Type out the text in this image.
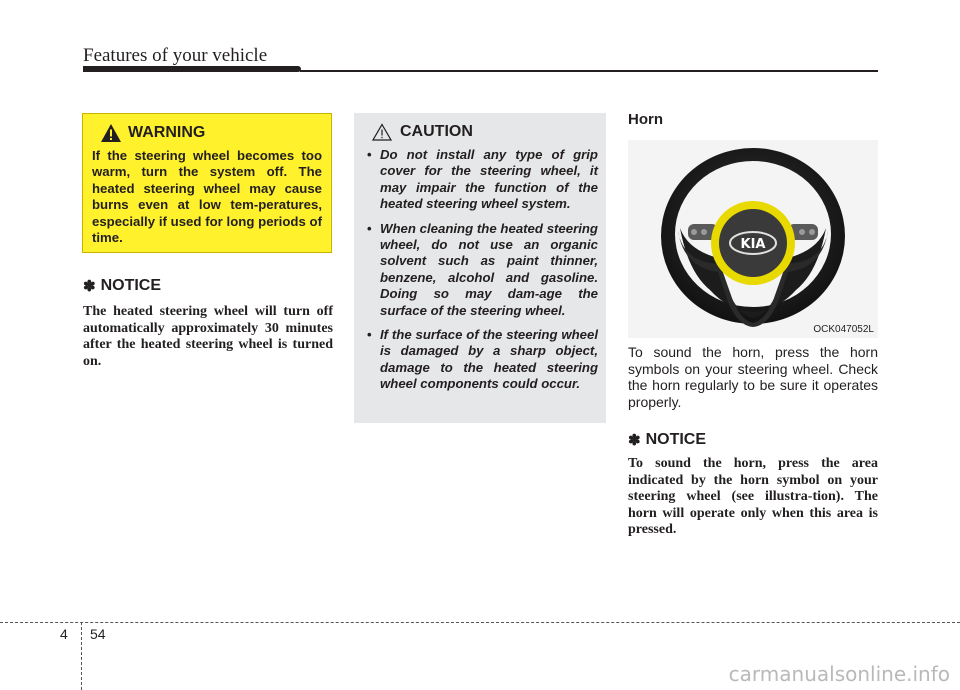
Features of your vehicle
WARNING
If the steering wheel becomes too warm, turn the system off. The heated steering wheel may cause burns even at low tem-peratures, especially if used for long periods of time.
✽ NOTICE
The heated steering wheel will turn off automatically approximately 30 minutes after the heated steering wheel is turned on.
CAUTION
• Do not install any type of grip cover for the steering wheel, it may impair the function of the heated steering wheel system.
• When cleaning the heated steering wheel, do not use an organic solvent such as paint thinner, benzene, alcohol and gasoline. Doing so may dam-age the surface of the steering wheel.
• If the surface of the steering wheel is damaged by a sharp object, damage to the heated steering wheel components could occur.
Horn
KIA
OCK047052L
To sound the horn, press the horn symbols on your steering wheel. Check the horn regularly to be sure it operates properly.
✽ NOTICE
To sound the horn, press the area indicated by the horn symbol on your steering wheel (see illustra-tion). The horn will operate only when this area is pressed.
4 54
carmanualsonline.info
